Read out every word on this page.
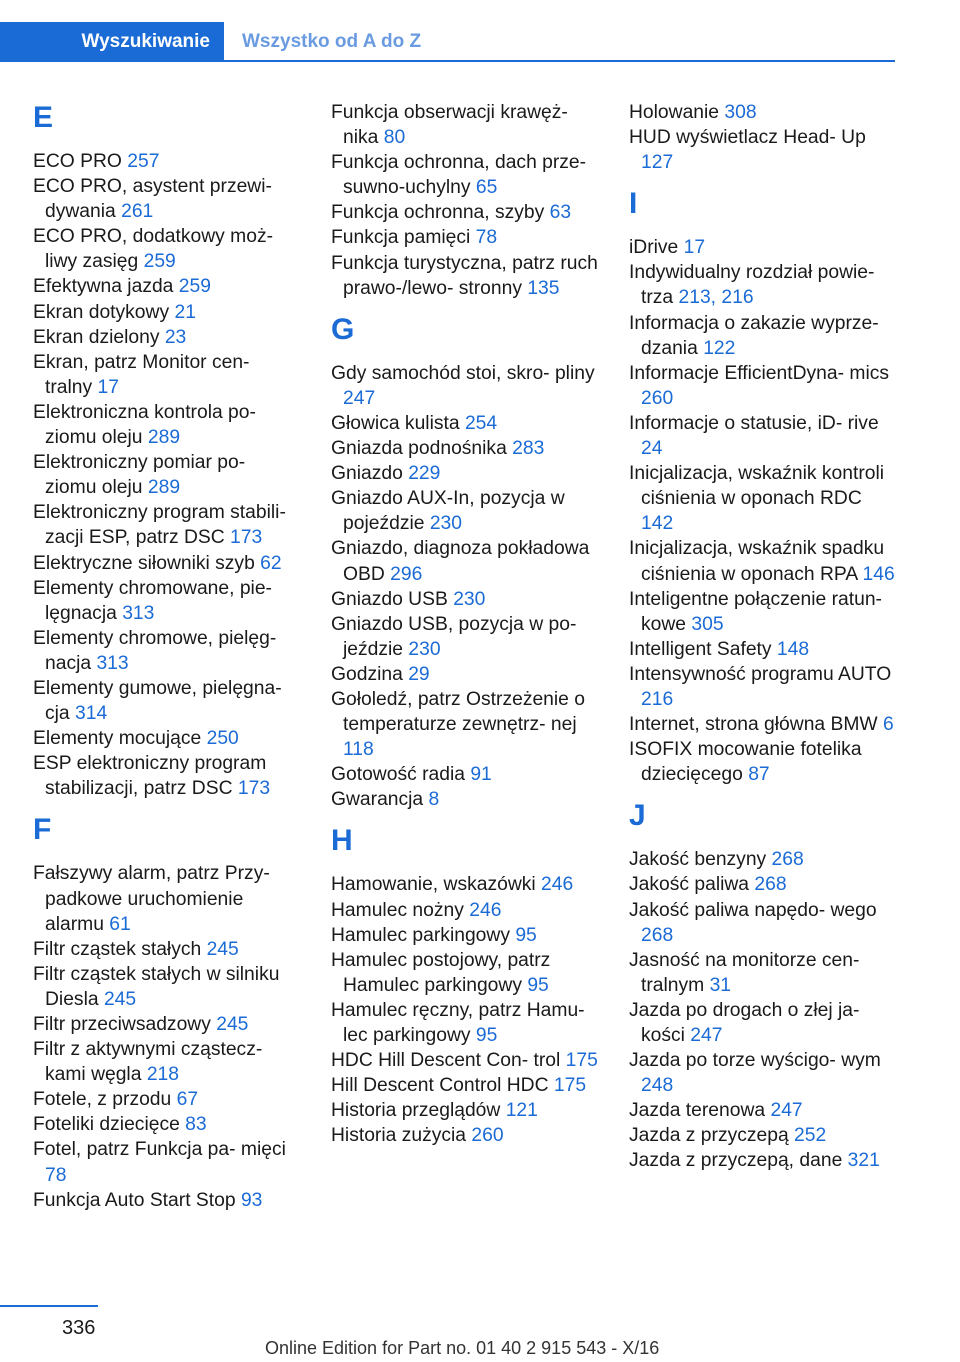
Wyszukiwanie	Wszystko od A do Z
E
ECO PRO 257
ECO PRO, asystent przewi‐ dywania 261
ECO PRO, dodatkowy moż‐ liwy zasięg 259
Efektywna jazda 259
Ekran dotykowy 21
Ekran dzielony 23
Ekran, patrz Monitor cen‐ tralny 17
Elektroniczna kontrola po‐ ziomu oleju 289
Elektroniczny pomiar po‐ ziomu oleju 289
Elektroniczny program stabili‐ zacji ESP, patrz DSC 173
Elektryczne siłowniki szyb 62
Elementy chromowane, pie‐ lęgnacja 313
Elementy chromowe, pielęg‐ nacja 313
Elementy gumowe, pielęgna‐ cja 314
Elementy mocujące 250
ESP elektroniczny program stabilizacji, patrz DSC 173
F
Fałszywy alarm, patrz Przy‐ padkowe uruchomienie alarmu 61
Filtr cząstek stałych 245
Filtr cząstek stałych w silniku Diesla 245
Filtr przeciwsadzowy 245
Filtr z aktywnymi cząstecz‐ kami węgla 218
Fotele, z przodu 67
Foteliki dziecięce 83
Fotel, patrz Funkcja pa‐ mięci 78
Funkcja Auto Start Stop 93
Funkcja obserwacji krawęż‐ nika 80
Funkcja ochronna, dach prze‐ suwno-uchylny 65
Funkcja ochronna, szyby 63
Funkcja pamięci 78
Funkcja turystyczna, patrz ruch prawo-/lewo‐ stronny 135
G
Gdy samochód stoi, skro‐ pliny 247
Głowica kulista 254
Gniazda podnośnika 283
Gniazdo 229
Gniazdo AUX-In, pozycja w pojeździe 230
Gniazdo, diagnoza pokładowa OBD 296
Gniazdo USB 230
Gniazdo USB, pozycja w po‐ jeździe 230
Godzina 29
Gołoledź, patrz Ostrzeżenie o temperaturze zewnętrz‐ nej 118
Gotowość radia 91
Gwarancja 8
H
Hamowanie, wskazówki 246
Hamulec nożny 246
Hamulec parkingowy 95
Hamulec postojowy, patrz Hamulec parkingowy 95
Hamulec ręczny, patrz Hamu‐ lec parkingowy 95
HDC Hill Descent Con‐ trol 175
Hill Descent Control HDC 175
Historia przeglądów 121
Historia zużycia 260
Holowanie 308
HUD wyświetlacz Head- Up 127
I
iDrive 17
Indywidualny rozdział powie‐ trza 213, 216
Informacja o zakazie wyprze‐ dzania 122
Informacje EfficientDyna‐ mics 260
Informacje o statusie, iD‐ rive 24
Inicjalizacja, wskaźnik kontroli ciśnienia w oponach RDC 142
Inicjalizacja, wskaźnik spadku ciśnienia w oponach RPA 146
Inteligentne połączenie ratun‐ kowe 305
Intelligent Safety 148
Intensywność programu AUTO 216
Internet, strona główna BMW 6
ISOFIX mocowanie fotelika dziecięcego 87
J
Jakość benzyny 268
Jakość paliwa 268
Jakość paliwa napędo‐ wego 268
Jasność na monitorze cen‐ tralnym 31
Jazda po drogach o złej ja‐ kości 247
Jazda po torze wyścigo‐ wym 248
Jazda terenowa 247
Jazda z przyczepą 252
Jazda z przyczepą, dane 321
336
Online Edition for Part no. 01 40 2 915 543 - X/16
